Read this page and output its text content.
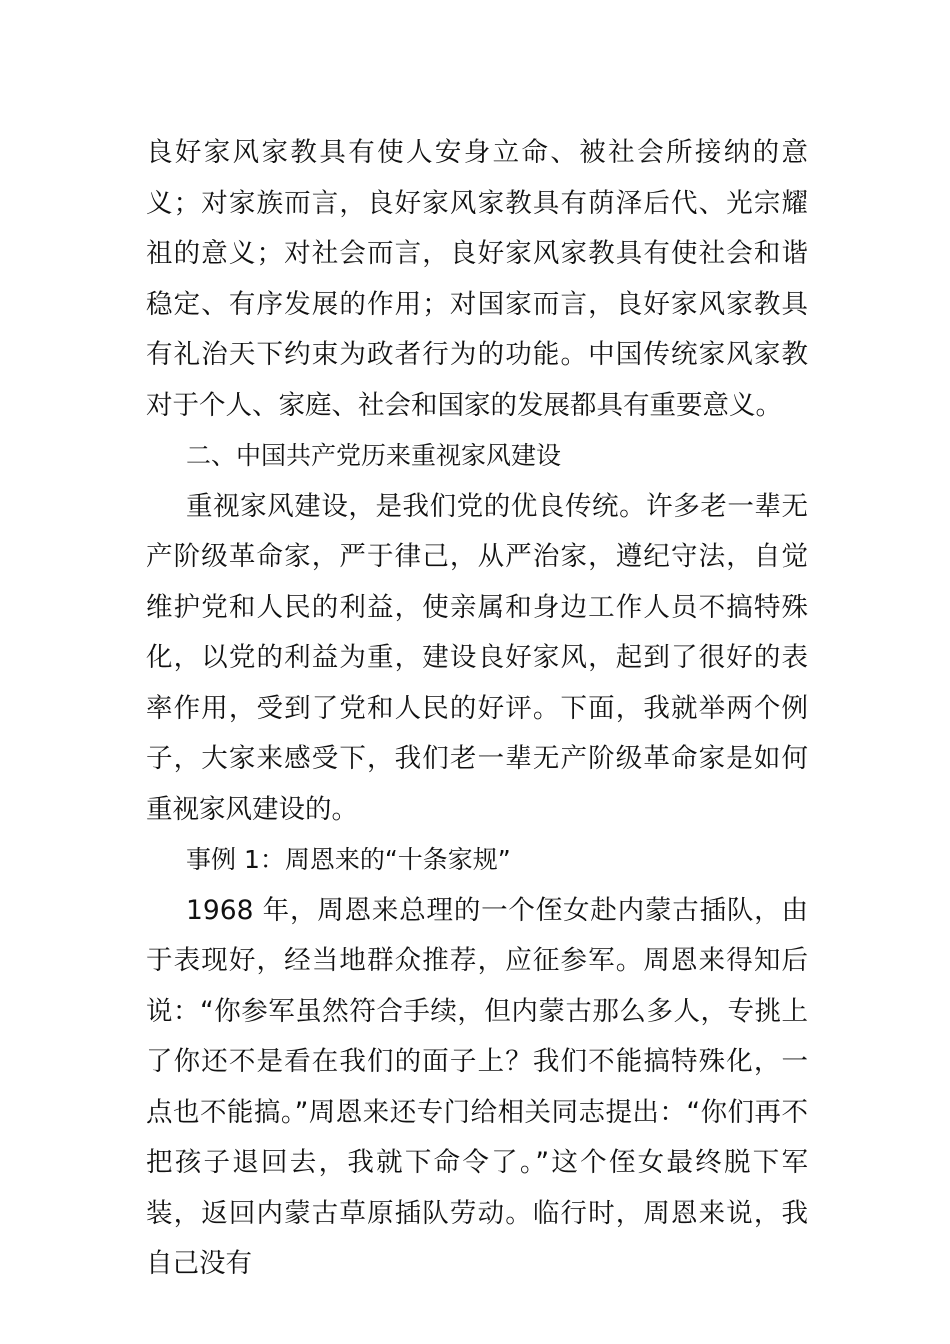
良好家风家教具有使人安身立命、被社会所接纳的意义；对家族而言，良好家风家教具有荫泽后代、光宗耀祖的意义；对社会而言，良好家风家教具有使社会和谐稳定、有序发展的作用；对国家而言，良好家风家教具有礼治天下约束为政者行为的功能。中国传统家风家教对于个人、家庭、社会和国家的发展都具有重要意义。

二、中国共产党历来重视家风建设

重视家风建设，是我们党的优良传统。许多老一辈无产阶级革命家，严于律己，从严治家，遵纪守法，自觉维护党和人民的利益，使亲属和身边工作人员不搞特殊化，以党的利益为重，建设良好家风，起到了很好的表率作用，受到了党和人民的好评。下面，我就举两个例子，大家来感受下，我们老一辈无产阶级革命家是如何重视家风建设的。

事例 1：周恩来的“十条家规”

1968 年，周恩来总理的一个侄女赴内蒙古插队，由于表现好，经当地群众推荐，应征参军。周恩来得知后说：“你参军虽然符合手续，但内蒙古那么多人，专挑上了你还不是看在我们的面子上？我们不能搞特殊化，一点也不能搞。”周恩来还专门给相关同志提出：“你们再不把孩子退回去，我就下命令了。”这个侄女最终脱下军装，返回内蒙古草原插队劳动。临行时，周恩来说，我自己没有
